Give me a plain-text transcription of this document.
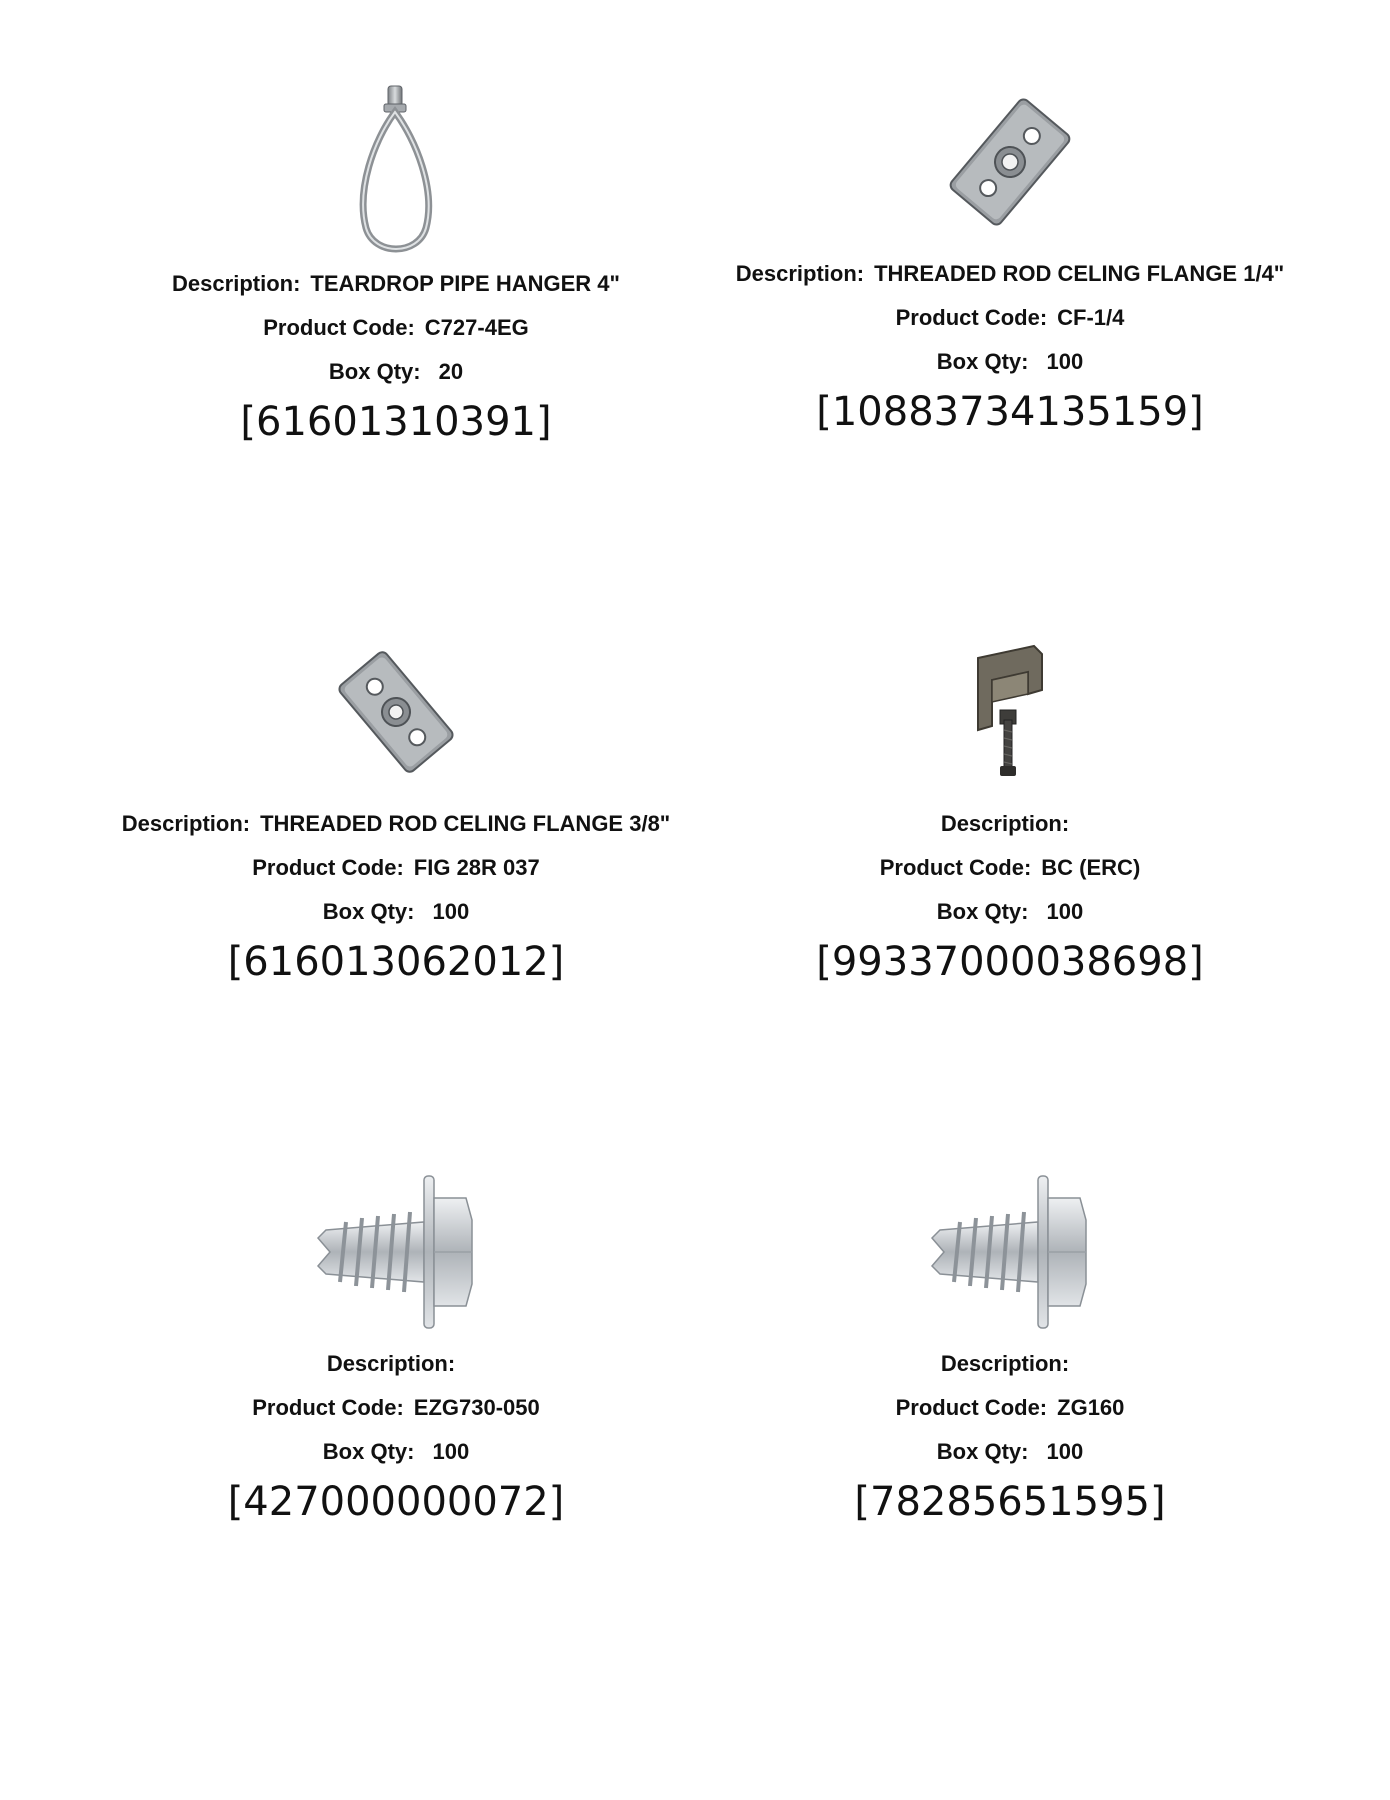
Description: TEARDROP PIPE HANGER 4"
Product Code: C727-4EG
Box Qty: 20
[61601310391]
Description: THREADED ROD CELING FLANGE 1/4"
Product Code: CF-1/4
Box Qty: 100
[10883734135159]
Description: THREADED ROD CELING FLANGE 3/8"
Product Code: FIG 28R 037
Box Qty: 100
[616013062012]
Description:
Product Code: BC (ERC)
Box Qty: 100
[99337000038698]
Description:
Product Code: EZG730-050
Box Qty: 100
[427000000072]
Description:
Product Code: ZG160
Box Qty: 100
[78285651595]
